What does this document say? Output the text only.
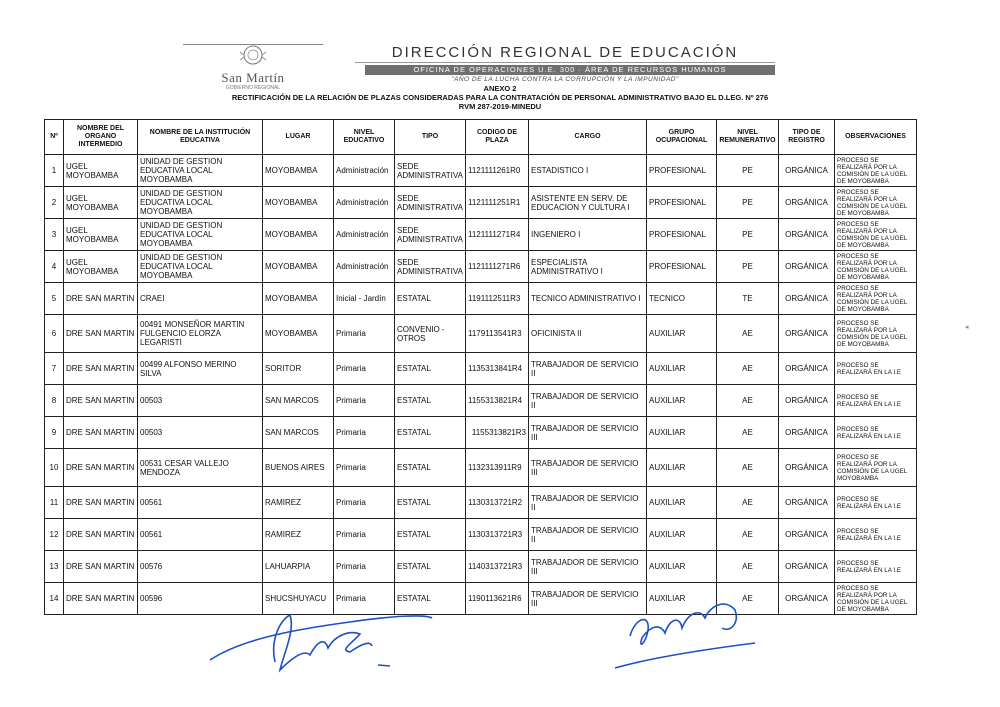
San Martín
GOBIERNO REGIONAL
DIRECCIÓN REGIONAL DE EDUCACIÓN
OFICINA DE OPERACIONES U.E. 300 · ÁREA DE RECURSOS HUMANOS
"AÑO DE LA LUCHA CONTRA LA CORRUPCIÓN Y LA IMPUNIDAD"
ANEXO 2
RECTIFICACIÓN DE LA RELACIÓN DE PLAZAS CONSIDERADAS PARA LA CONTRATACIÓN DE PERSONAL ADMINISTRATIVO BAJO EL D.LEG. Nº 276
RVM 287-2019-MINEDU
Nº	NOMBRE DEL ORGANO INTERMEDIO	NOMBRE DE LA INSTITUCIÓN EDUCATIVA	LUGAR	NIVEL EDUCATIVO	TIPO	CODIGO DE PLAZA	CARGO	GRUPO OCUPACIONAL	NIVEL REMUNERATIVO	TIPO DE REGISTRO	OBSERVACIONES
1	UGEL MOYOBAMBA	UNIDAD DE GESTION EDUCATIVA LOCAL MOYOBAMBA	MOYOBAMBA	Administración	SEDE ADMINISTRATIVA	1121111261R0	ESTADISTICO I	PROFESIONAL	PE	ORGÁNICA	PROCESO SE REALIZARÁ POR LA COMISIÓN DE LA UGEL DE MOYOBAMBA
2	UGEL MOYOBAMBA	UNIDAD DE GESTION EDUCATIVA LOCAL MOYOBAMBA	MOYOBAMBA	Administración	SEDE ADMINISTRATIVA	1121111251R1	ASISTENTE EN SERV. DE EDUCACION Y CULTURA I	PROFESIONAL	PE	ORGÁNICA	PROCESO SE REALIZARÁ POR LA COMISIÓN DE LA UGEL DE MOYOBAMBA
3	UGEL MOYOBAMBA	UNIDAD DE GESTION EDUCATIVA LOCAL MOYOBAMBA	MOYOBAMBA	Administración	SEDE ADMINISTRATIVA	1121111271R4	INGENIERO I	PROFESIONAL	PE	ORGÁNICA	PROCESO SE REALIZARÁ POR LA COMISIÓN DE LA UGEL DE MOYOBAMBA
4	UGEL MOYOBAMBA	UNIDAD DE GESTION EDUCATIVA LOCAL MOYOBAMBA	MOYOBAMBA	Administración	SEDE ADMINISTRATIVA	1121111271R6	ESPECIALISTA ADMINISTRATIVO I	PROFESIONAL	PE	ORGÁNICA	PROCESO SE REALIZARÁ POR LA COMISIÓN DE LA UGEL DE MOYOBAMBA
5	DRE SAN MARTIN	CRAEI	MOYOBAMBA	Inicial - Jardín	ESTATAL	1191112511R3	TECNICO ADMINISTRATIVO I	TECNICO	TE	ORGÁNICA	PROCESO SE REALIZARÁ POR LA COMISIÓN DE LA UGEL DE MOYOBAMBA
6	DRE SAN MARTIN	00491 MONSEÑOR MARTIN FULGENCIO ELORZA LEGARISTI	MOYOBAMBA	Primaria	CONVENIO - OTROS	1179113541R3	OFICINISTA II	AUXILIAR	AE	ORGÁNICA	PROCESO SE REALIZARÁ POR LA COMISIÓN DE LA UGEL DE MOYOBAMBA
7	DRE SAN MARTIN	00499 ALFONSO MERINO SILVA	SORITOR	Primaria	ESTATAL	1135313841R4	TRABAJADOR DE SERVICIO II	AUXILIAR	AE	ORGÁNICA	PROCESO SE REALIZARÁ EN LA I.E
8	DRE SAN MARTIN	00503	SAN MARCOS	Primaria	ESTATAL	1155313821R4	TRABAJADOR DE SERVICIO II	AUXILIAR	AE	ORGÁNICA	PROCESO SE REALIZARÁ EN LA I.E
9	DRE SAN MARTIN	00503	SAN MARCOS	Primaria	ESTATAL	1155313821R3	TRABAJADOR DE SERVICIO III	AUXILIAR	AE	ORGÁNICA	PROCESO SE REALIZARÁ EN LA I.E
10	DRE SAN MARTIN	00531 CESAR VALLEJO MENDOZA	BUENOS AIRES	Primaria	ESTATAL	1132313911R9	TRABAJADOR DE SERVICIO III	AUXILIAR	AE	ORGÁNICA	PROCESO SE REALIZARÁ POR LA COMISIÓN DE LA UGEL MOYOBAMBA
11	DRE SAN MARTIN	00561	RAMIREZ	Primaria	ESTATAL	1130313721R2	TRABAJADOR DE SERVICIO II	AUXILIAR	AE	ORGÁNICA	PROCESO SE REALIZARÁ EN LA I.E
12	DRE SAN MARTIN	00561	RAMIREZ	Primaria	ESTATAL	1130313721R3	TRABAJADOR DE SERVICIO II	AUXILIAR	AE	ORGÁNICA	PROCESO SE REALIZARÁ EN LA I.E
13	DRE SAN MARTIN	00576	LAHUARPIA	Primaria	ESTATAL	1140313721R3	TRABAJADOR DE SERVICIO III	AUXILIAR	AE	ORGÁNICA	PROCESO SE REALIZARÁ EN LA I.E
14	DRE SAN MARTIN	00596	SHUCSHUYACU	Primaria	ESTATAL	1190113621R6	TRABAJADOR DE SERVICIO III	AUXILIAR	AE	ORGÁNICA	PROCESO SE REALIZARÁ POR LA COMISIÓN DE LA UGEL DE MOYOBAMBA
◂
